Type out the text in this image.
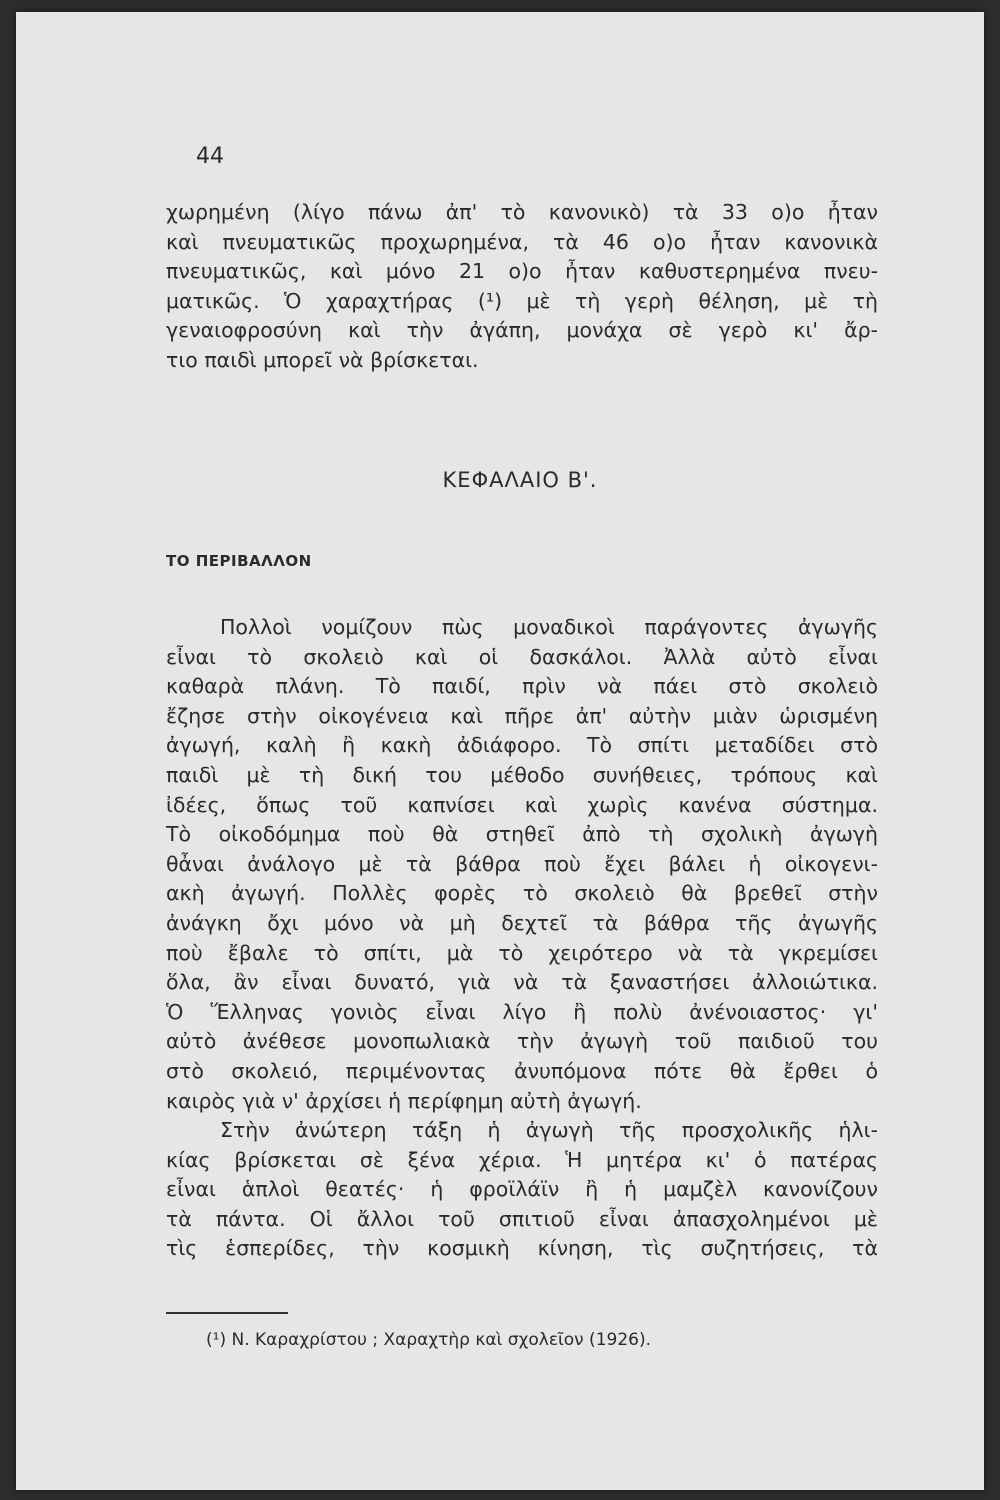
44
χωρημένη (λίγο πάνω ἀπ' τὸ κανονικὸ) τὰ 33 ο)ο ἦταν
καὶ πνευματικῶς προχωρημένα, τὰ 46 ο)ο ἦταν κανονικὰ
πνευματικῶς, καὶ μόνο 21 ο)ο ἦταν καθυστερημένα πνευ-
ματικῶς. Ὁ χαραχτήρας (¹) μὲ τὴ γερὴ θέληση, μὲ τὴ
γεναιοφροσύνη καὶ τὴν ἀγάπη, μονάχα σὲ γερὸ κι' ἄρ-
τιο παιδὶ μπορεῖ νὰ βρίσκεται.
ΚΕΦΑΛΑΙΟ Β'.
ΤΟ ΠΕΡΙΒΑΛΛΟΝ
Πολλοὶ νομίζουν πὼς μοναδικοὶ παράγοντες ἀγωγῆς
εἶναι τὸ σκολειὸ καὶ οἱ δασκάλοι. Ἀλλὰ αὐτὸ εἶναι
καθαρὰ πλάνη. Τὸ παιδί, πρὶν νὰ πάει στὸ σκολειὸ
ἔζησε στὴν οἰκογένεια καὶ πῆρε ἀπ' αὐτὴν μιὰν ὡρισμένη
ἀγωγή, καλὴ ἢ κακὴ ἀδιάφορο. Τὸ σπίτι μεταδίδει στὸ
παιδὶ μὲ τὴ δική του μέθοδο συνήθειες, τρόπους καὶ
ἰδέες, ὅπως τοῦ καπνίσει καὶ χωρὶς κανένα σύστημα.
Τὸ οἰκοδόμημα ποὺ θὰ στηθεῖ ἀπὸ τὴ σχολικὴ ἀγωγὴ
θἆναι ἀνάλογο μὲ τὰ βάθρα ποὺ ἔχει βάλει ἡ οἰκογενι-
ακὴ ἀγωγή. Πολλὲς φορὲς τὸ σκολειὸ θὰ βρεθεῖ στὴν
ἀνάγκη ὄχι μόνο νὰ μὴ δεχτεῖ τὰ βάθρα τῆς ἀγωγῆς
ποὺ ἔβαλε τὸ σπίτι, μὰ τὸ χειρότερο νὰ τὰ γκρεμίσει
ὅλα, ἂν εἶναι δυνατό, γιὰ νὰ τὰ ξαναστήσει ἀλλοιώτικα.
Ὁ Ἕλληνας γονιὸς εἶναι λίγο ἢ πολὺ ἀνένοιαστος· γι'
αὐτὸ ἀνέθεσε μονοπωλιακὰ τὴν ἀγωγὴ τοῦ παιδιοῦ του
στὸ σκολειό, περιμένοντας ἀνυπόμονα πότε θὰ ἔρθει ὁ
καιρὸς γιὰ ν' ἀρχίσει ἡ περίφημη αὐτὴ ἀγωγή.
Στὴν ἀνώτερη τάξη ἡ ἀγωγὴ τῆς προσχολικῆς ἡλι-
κίας βρίσκεται σὲ ξένα χέρια. Ἡ μητέρα κι' ὁ πατέρας
εἶναι ἁπλοὶ θεατές· ἡ φροϊλάϊν ἢ ἡ μαμζὲλ κανονίζουν
τὰ πάντα. Οἱ ἄλλοι τοῦ σπιτιοῦ εἶναι ἀπασχολημένοι μὲ
τὶς ἑσπερίδες, τὴν κοσμικὴ κίνηση, τὶς συζητήσεις, τὰ
(¹) Ν. Καραχρίστου ; Χαραχτὴρ καὶ σχολεῖον (1926).
